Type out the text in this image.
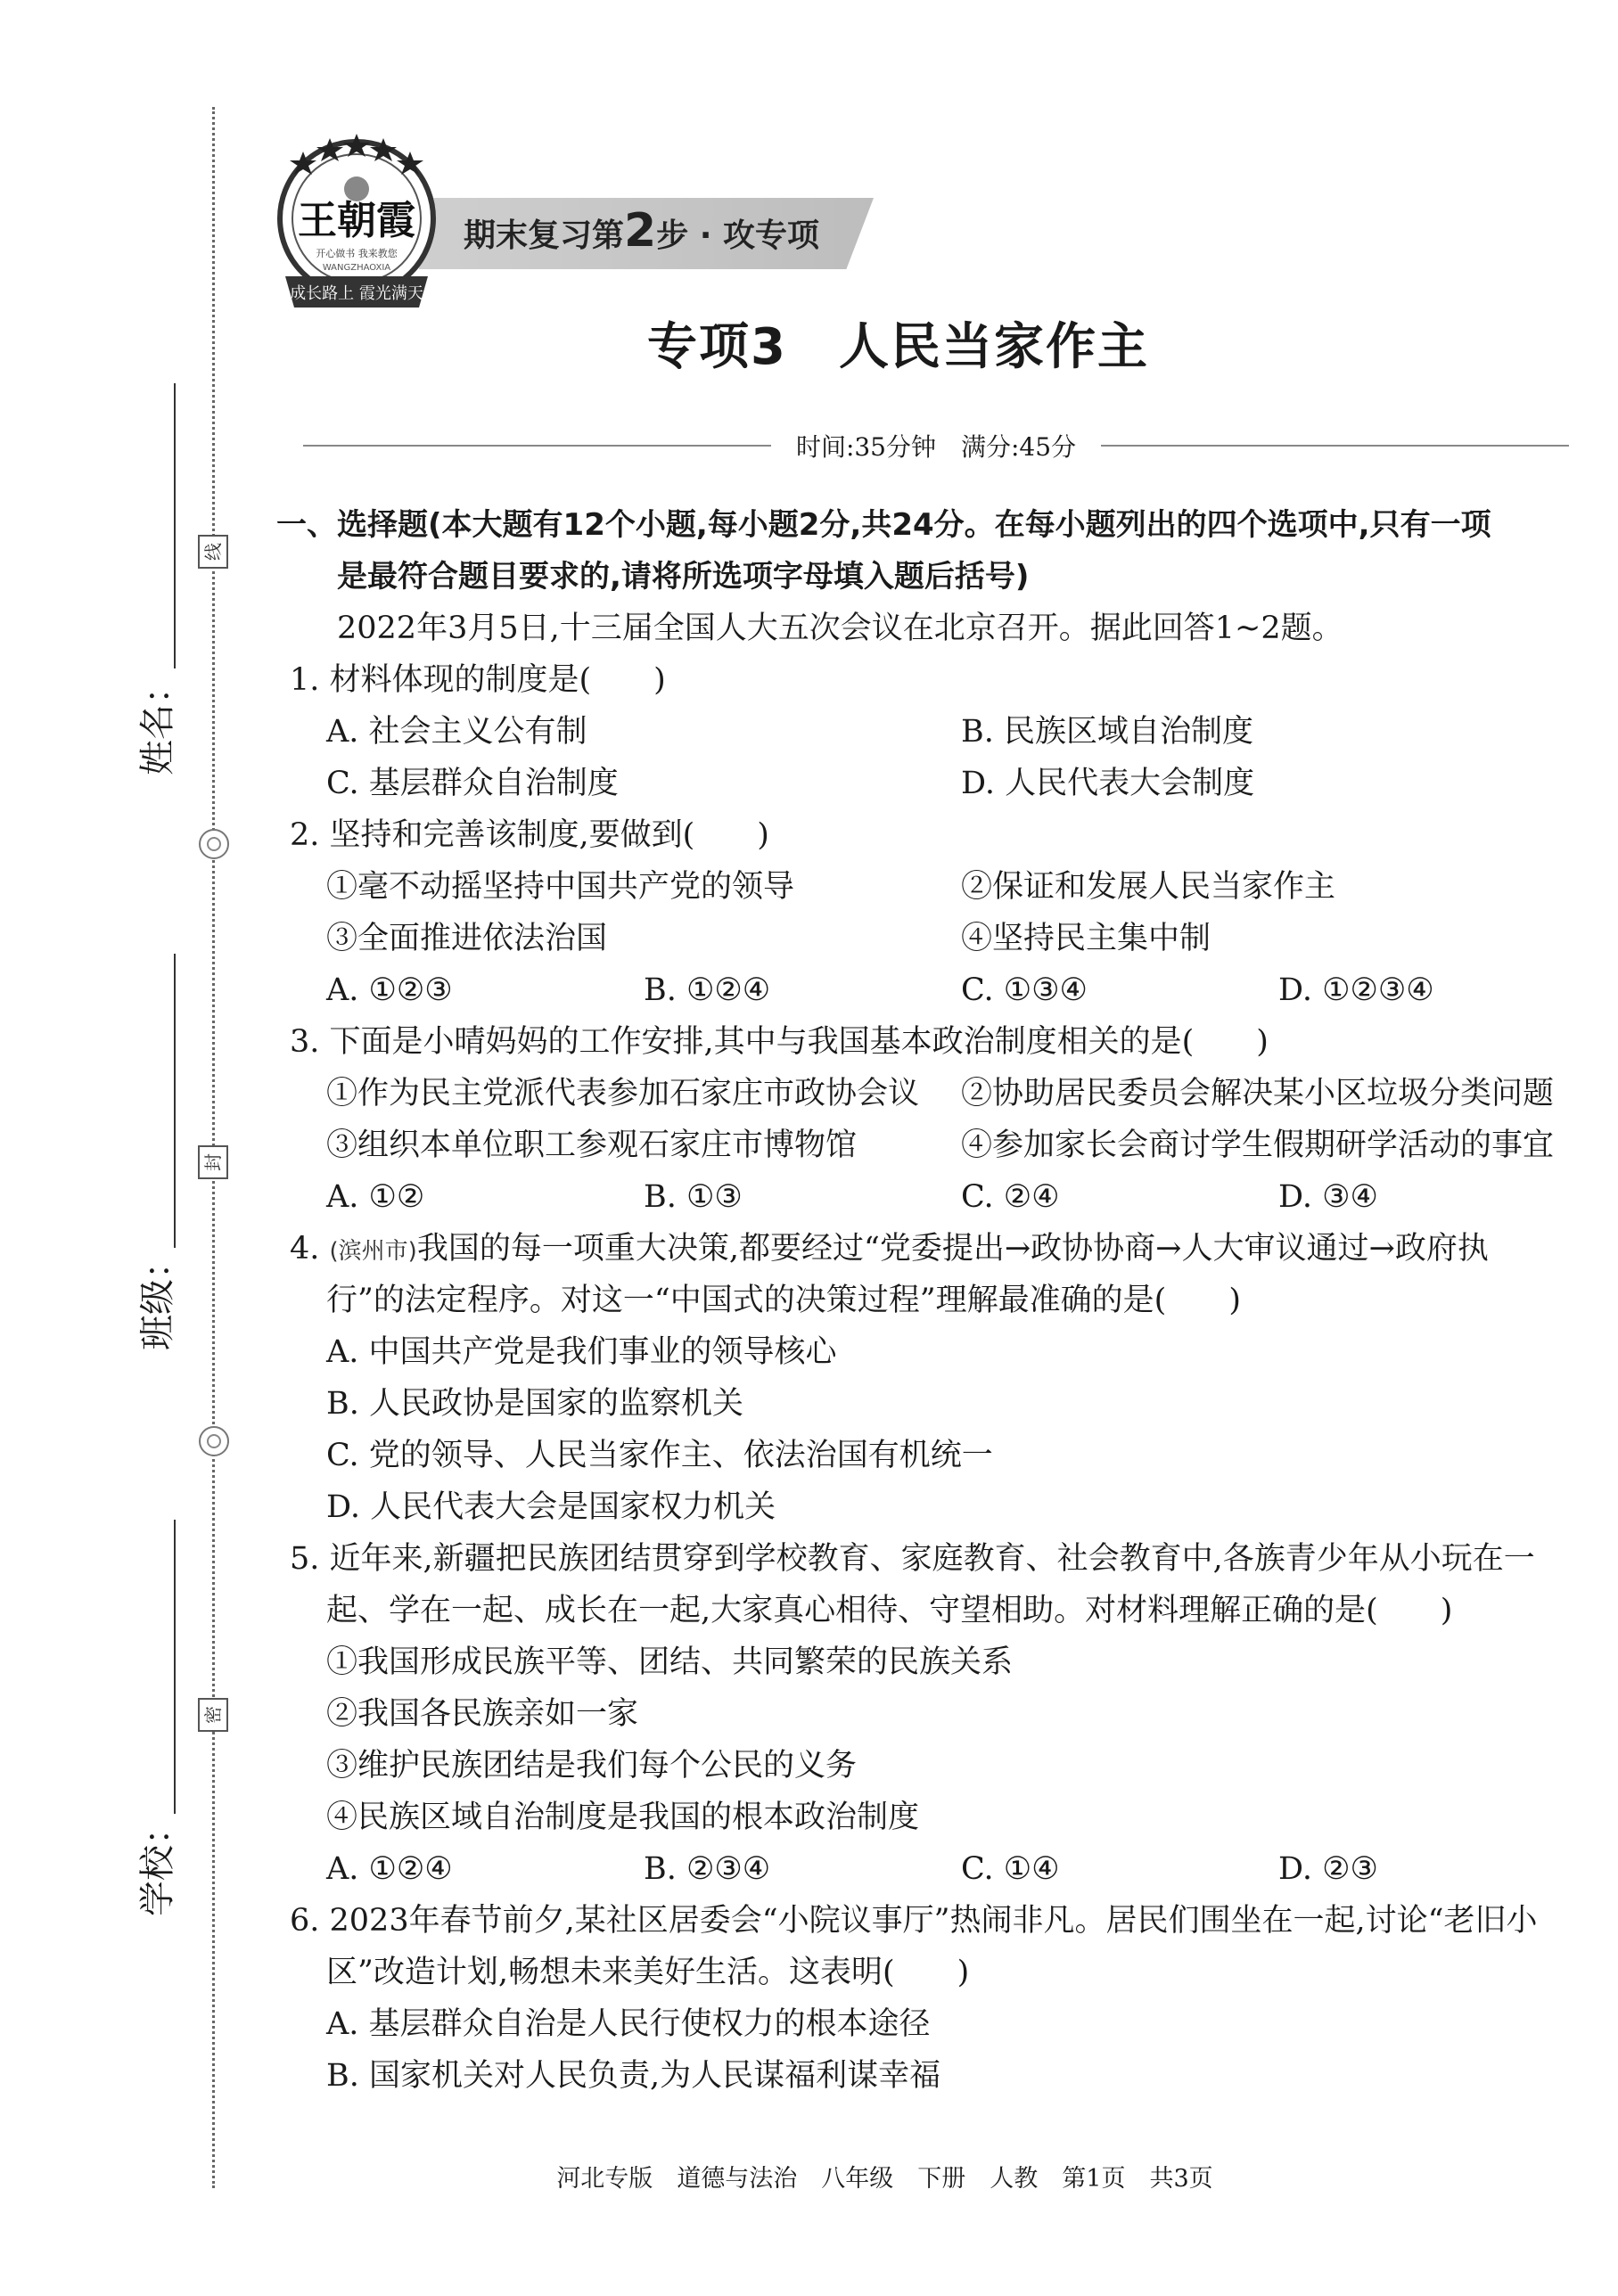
线
封
密
姓名：
班级：
学校：
期末复习第2步 · 攻专项
王朝霞
开心做书 我来教您
WANGZHAOXIA
成长路上 霞光满天
专项3　人民当家作主
时间:35分钟　满分:45分
一、选择题(本大题有12个小题,每小题2分,共24分。在每小题列出的四个选项中,只有一项
是最符合题目要求的,请将所选项字母填入题后括号)
2022年3月5日,十三届全国人大五次会议在北京召开。据此回答1~2题。
1. 材料体现的制度是(　　)
A. 社会主义公有制	B. 民族区域自治制度
C. 基层群众自治制度	D. 人民代表大会制度
2. 坚持和完善该制度,要做到(　　)
①毫不动摇坚持中国共产党的领导	②保证和发展人民当家作主
③全面推进依法治国	④坚持民主集中制
A. ①②③	B. ①②④	C. ①③④	D. ①②③④
3. 下面是小晴妈妈的工作安排,其中与我国基本政治制度相关的是(　　)
①作为民主党派代表参加石家庄市政协会议	②协助居民委员会解决某小区垃圾分类问题
③组织本单位职工参观石家庄市博物馆	④参加家长会商讨学生假期研学活动的事宜
A. ①②	B. ①③	C. ②④	D. ③④
4. (滨州市)我国的每一项重大决策,都要经过“党委提出→政协协商→人大审议通过→政府执
行”的法定程序。对这一“中国式的决策过程”理解最准确的是(　　)
A. 中国共产党是我们事业的领导核心
B. 人民政协是国家的监察机关
C. 党的领导、人民当家作主、依法治国有机统一
D. 人民代表大会是国家权力机关
5. 近年来,新疆把民族团结贯穿到学校教育、家庭教育、社会教育中,各族青少年从小玩在一
起、学在一起、成长在一起,大家真心相待、守望相助。对材料理解正确的是(　　)
①我国形成民族平等、团结、共同繁荣的民族关系
②我国各民族亲如一家
③维护民族团结是我们每个公民的义务
④民族区域自治制度是我国的根本政治制度
A. ①②④	B. ②③④	C. ①④	D. ②③
6. 2023年春节前夕,某社区居委会“小院议事厅”热闹非凡。居民们围坐在一起,讨论“老旧小
区”改造计划,畅想未来美好生活。这表明(　　)
A. 基层群众自治是人民行使权力的根本途径
B. 国家机关对人民负责,为人民谋福利谋幸福
河北专版　道德与法治　八年级　下册　人教　第1页　共3页
